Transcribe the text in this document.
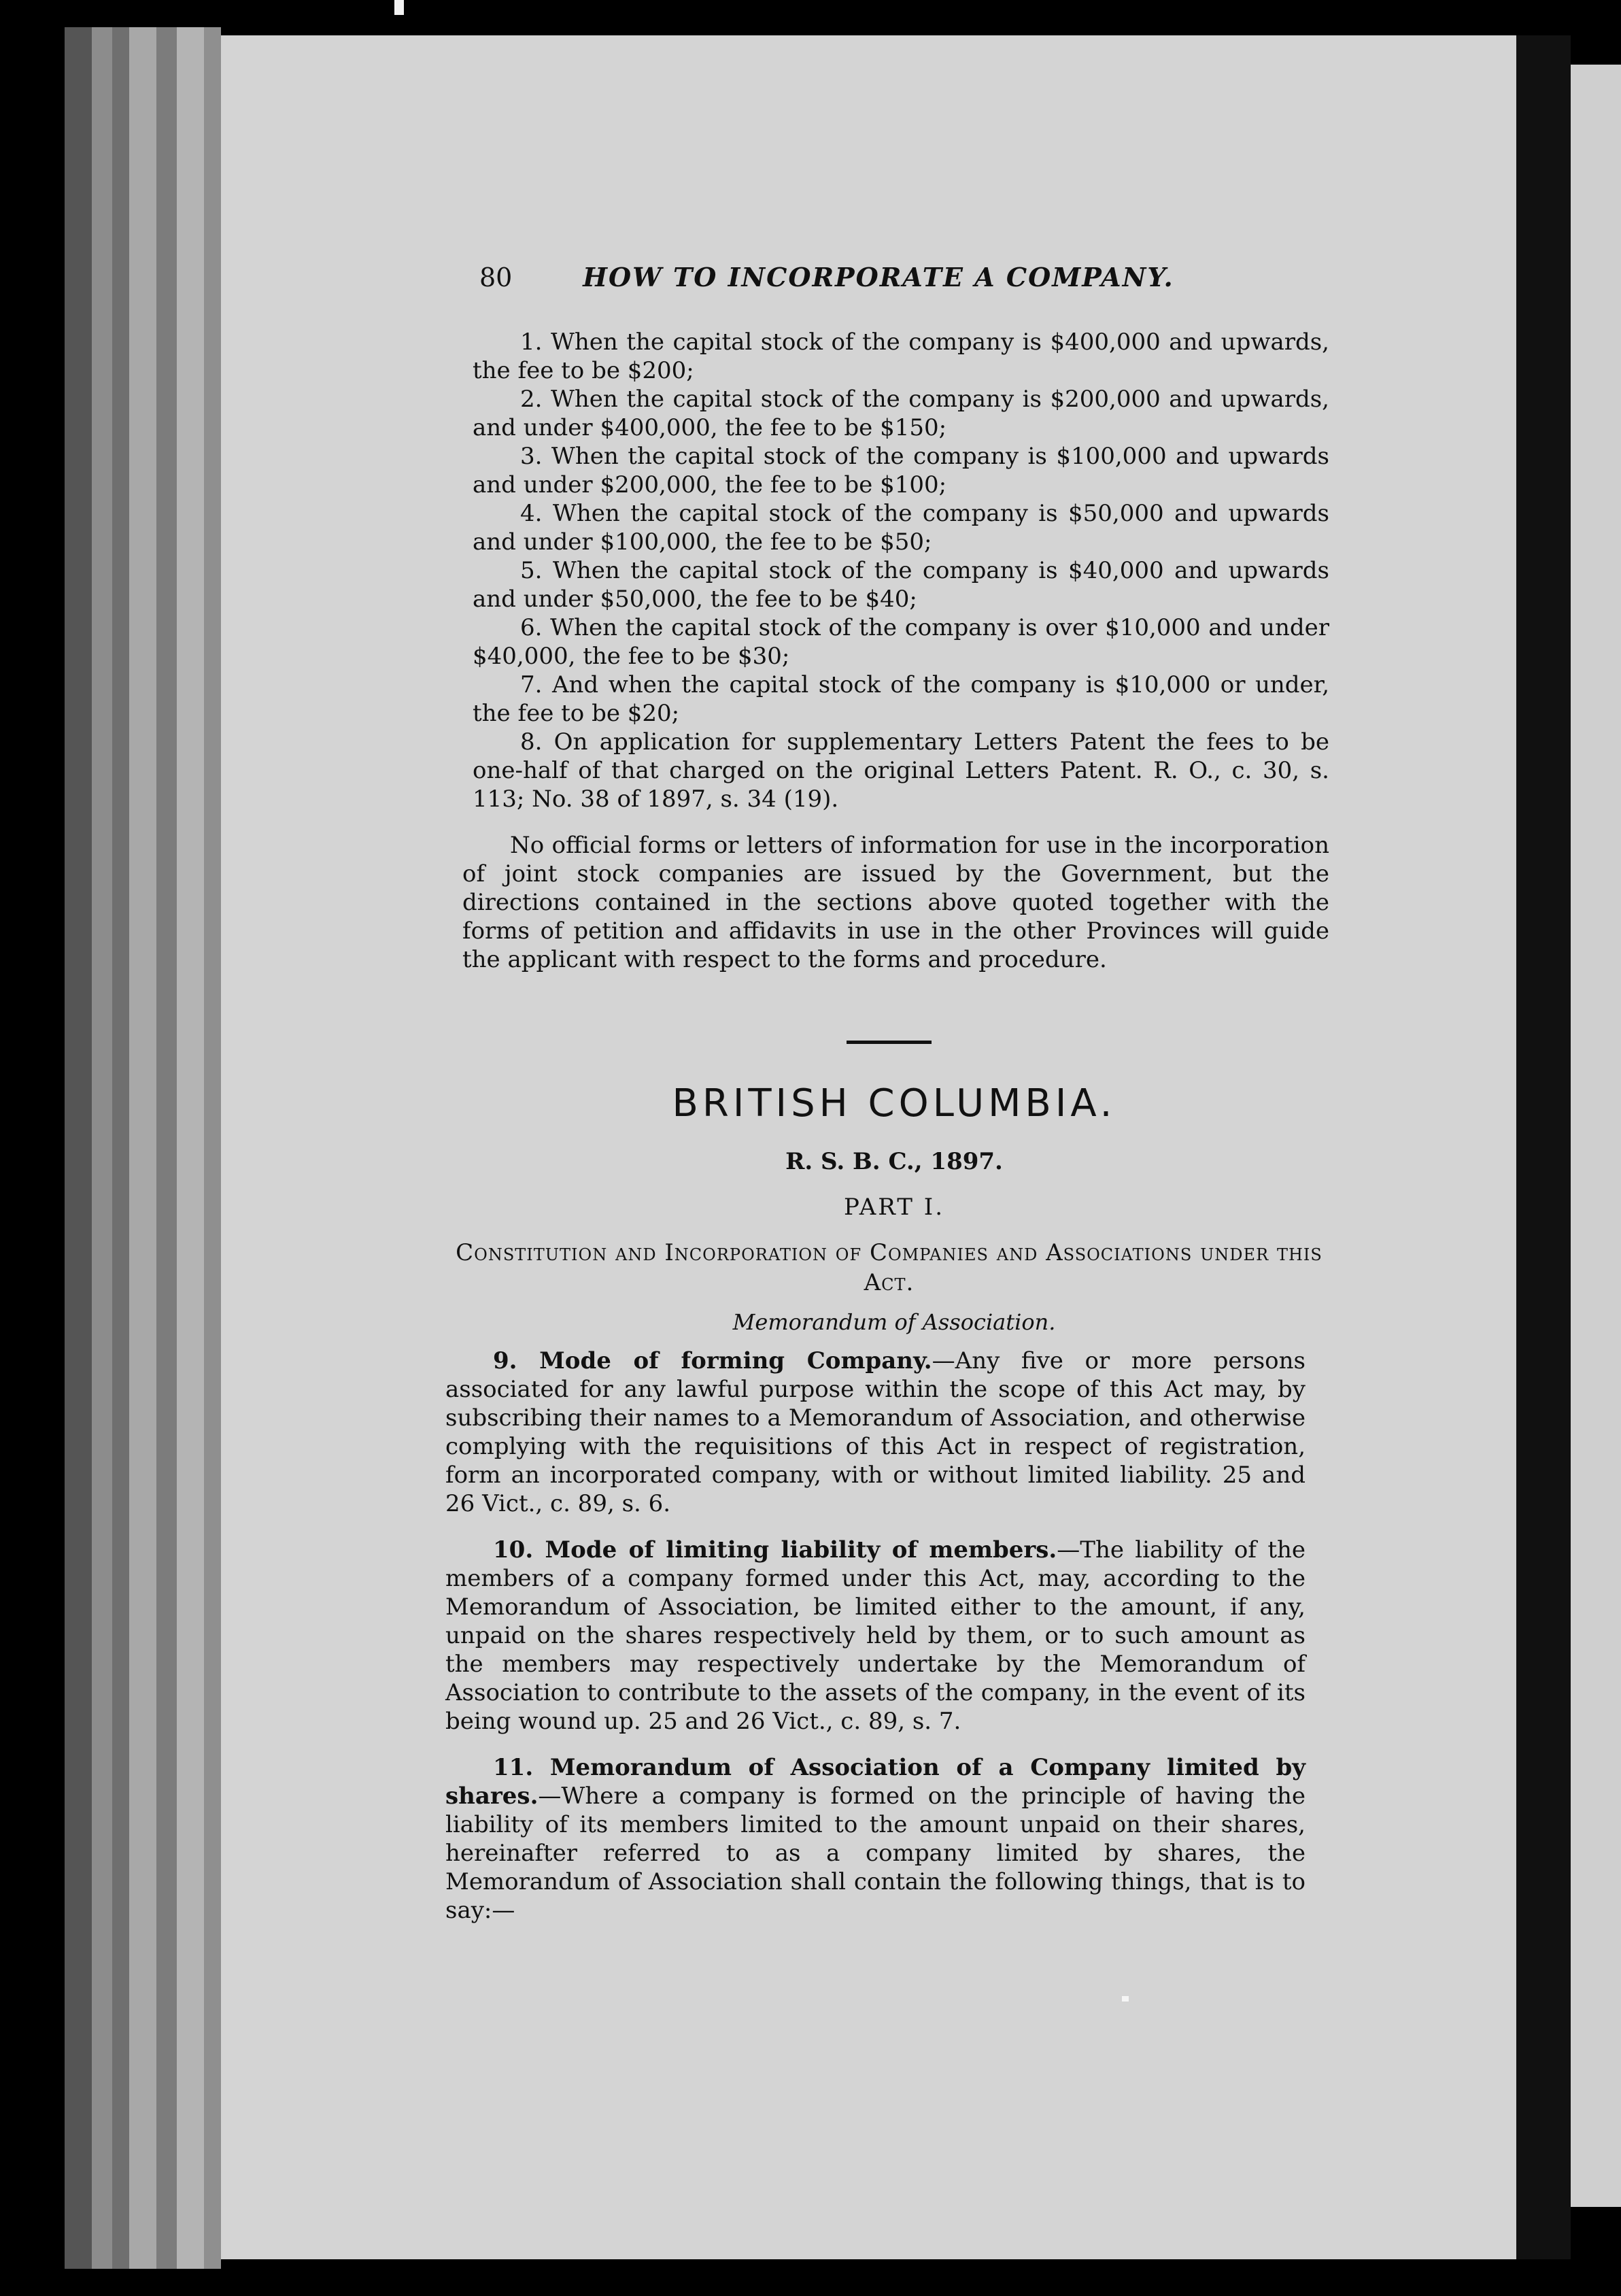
80	HOW TO INCORPORATE A COMPANY.

1. When the capital stock of the company is $400,000 and upwards, the fee to be $200;

2. When the capital stock of the company is $200,000 and upwards, and under $400,000, the fee to be $150;

3. When the capital stock of the company is $100,000 and upwards and under $200,000, the fee to be $100;

4. When the capital stock of the company is $50,000 and upwards and under $100,000, the fee to be $50;

5. When the capital stock of the company is $40,000 and upwards and under $50,000, the fee to be $40;

6. When the capital stock of the company is over $10,000 and under $40,000, the fee to be $30;

7. And when the capital stock of the company is $10,000 or under, the fee to be $20;

8. On application for supplementary Letters Patent the fees to be one-half of that charged on the original Letters Patent. R. O., c. 30, s. 113; No. 38 of 1897, s. 34 (19).

No official forms or letters of information for use in the incorporation of joint stock companies are issued by the Government, but the directions contained in the sections above quoted together with the forms of petition and affidavits in use in the other Provinces will guide the applicant with respect to the forms and procedure.

BRITISH COLUMBIA.
R. S. B. C., 1897.
PART I.
Constitution and Incorporation of Companies and Associations under this Act.
Memorandum of Association.

9. Mode of forming Company.—Any five or more persons associated for any lawful purpose within the scope of this Act may, by subscribing their names to a Memorandum of Association, and otherwise complying with the requisitions of this Act in respect of registration, form an incorporated company, with or without limited liability. 25 and 26 Vict., c. 89, s. 6.

10. Mode of limiting liability of members.—The liability of the members of a company formed under this Act, may, according to the Memorandum of Association, be limited either to the amount, if any, unpaid on the shares respectively held by them, or to such amount as the members may respectively undertake by the Memorandum of Association to contribute to the assets of the company, in the event of its being wound up. 25 and 26 Vict., c. 89, s. 7.

11. Memorandum of Association of a Company limited by shares.—Where a company is formed on the principle of having the liability of its members limited to the amount unpaid on their shares, hereinafter referred to as a company limited by shares, the Memorandum of Association shall contain the following things, that is to say:—
